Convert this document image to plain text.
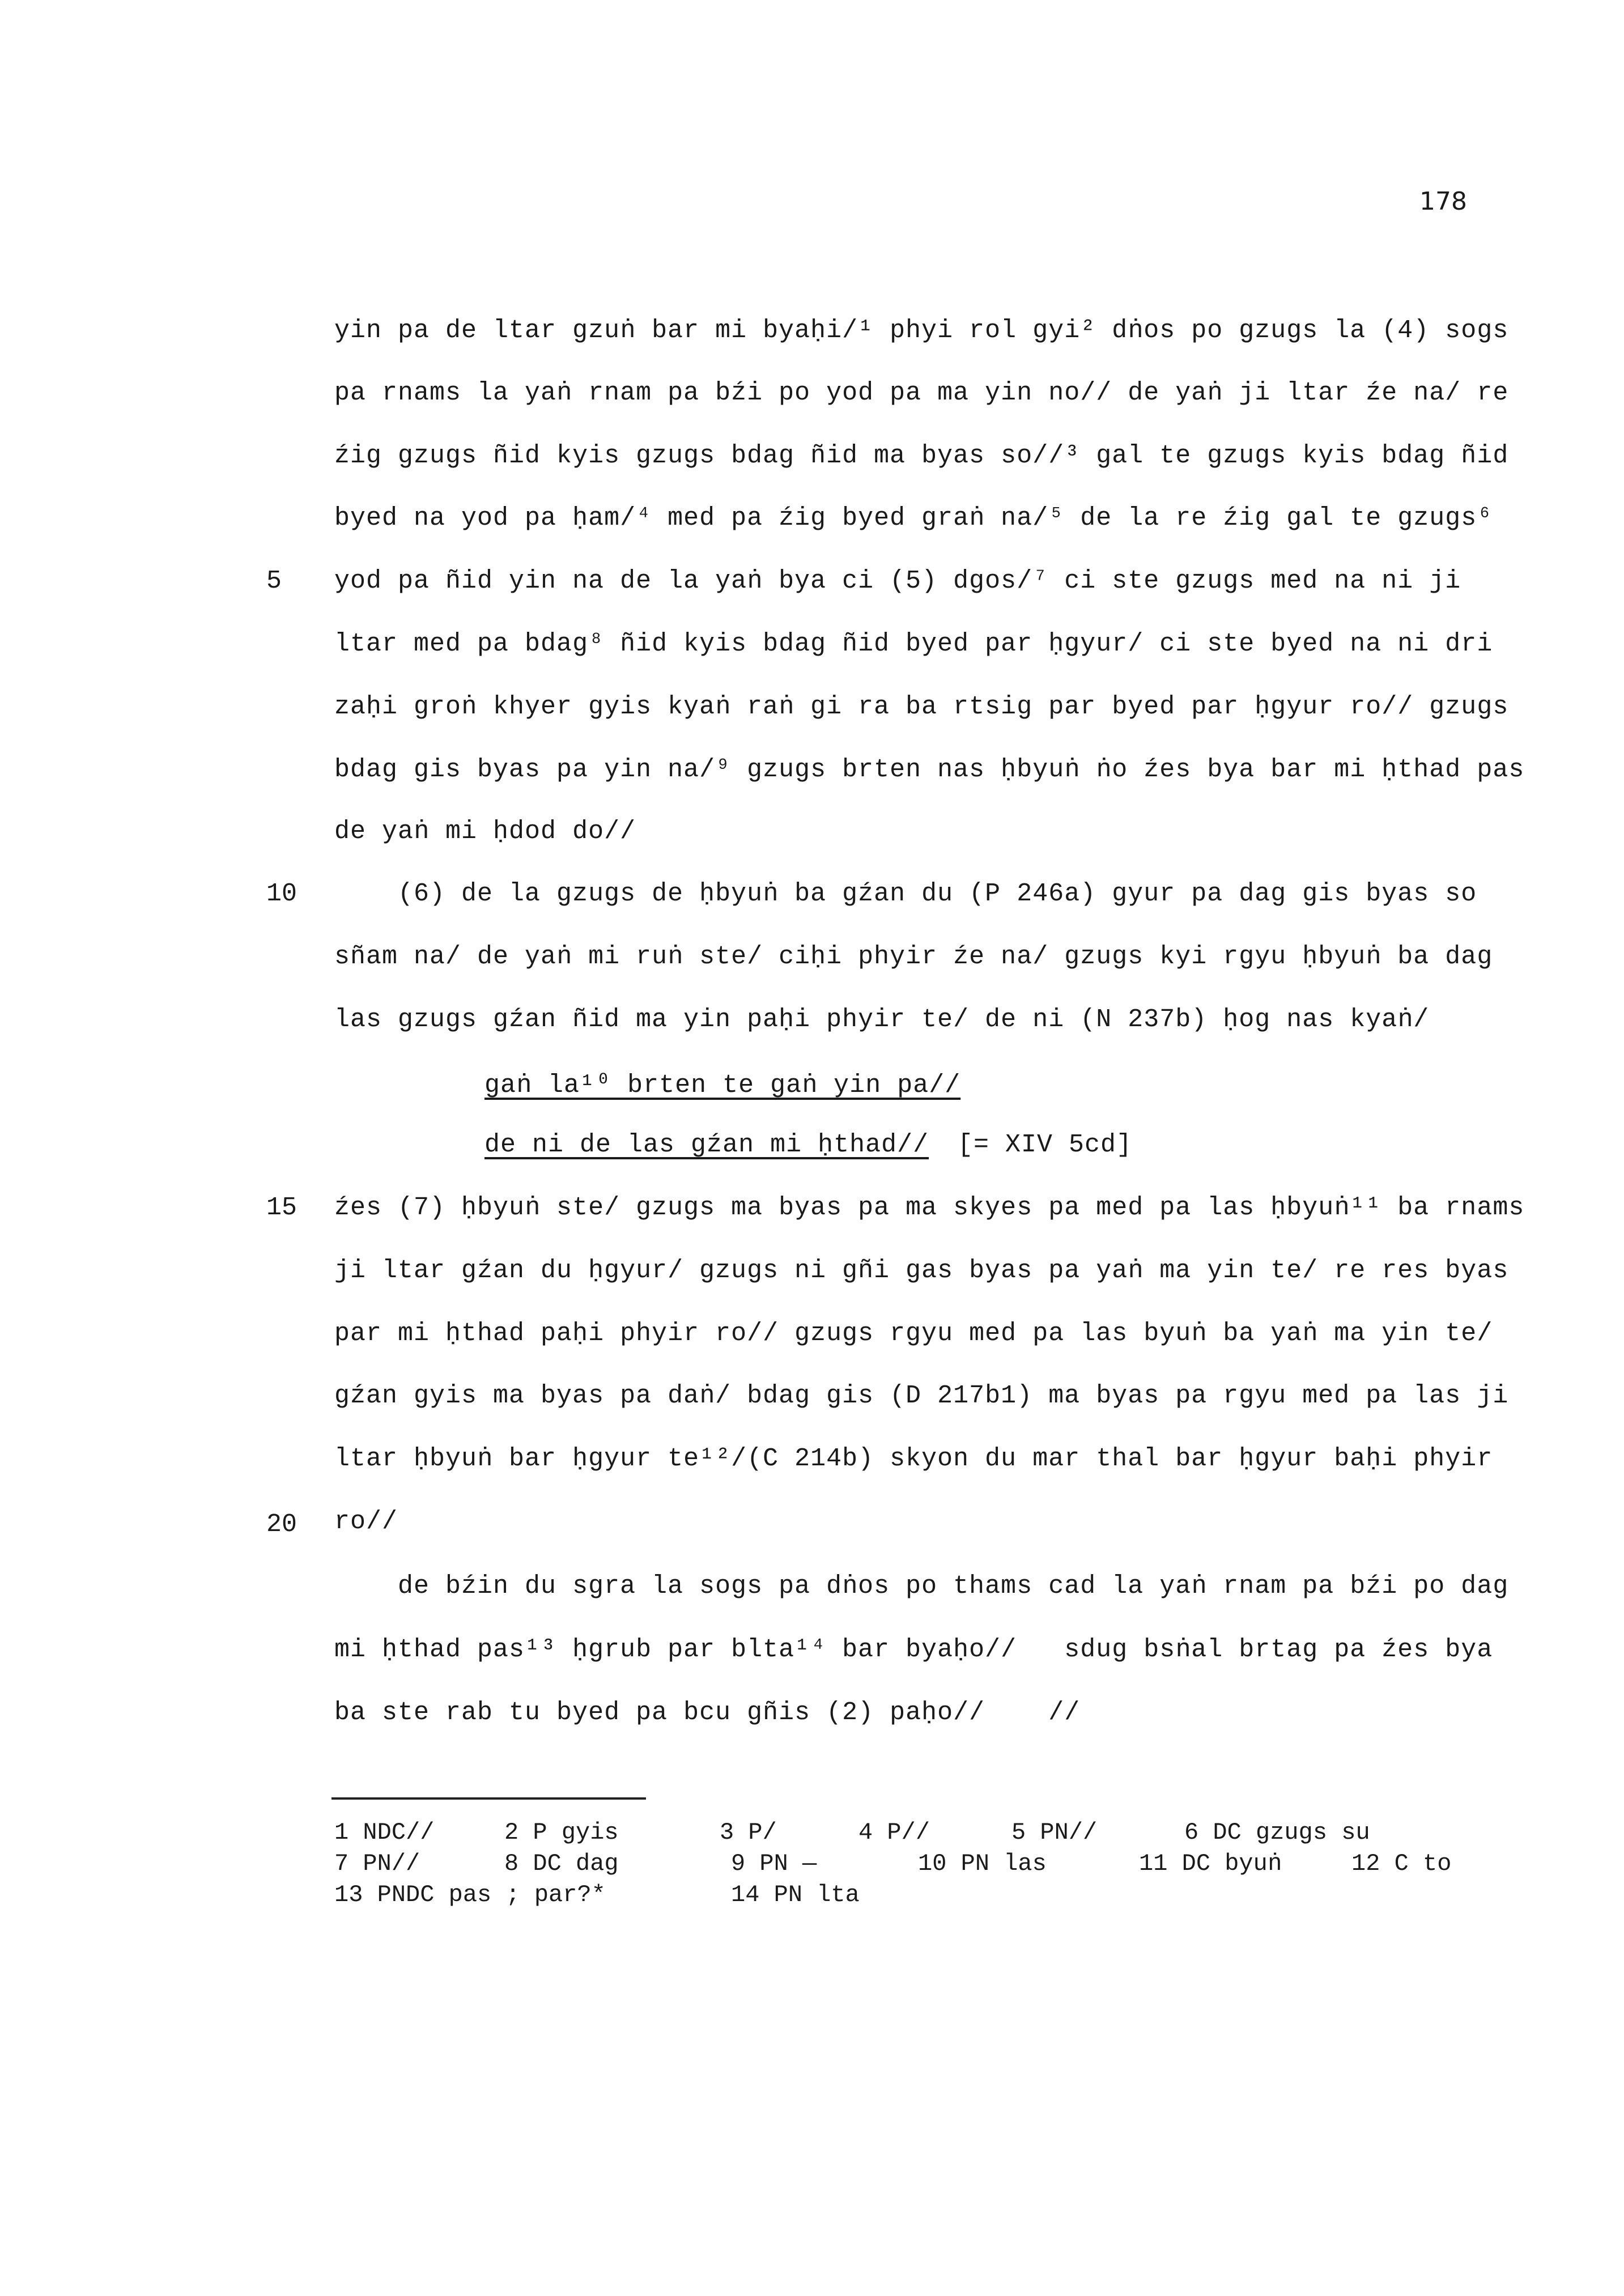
178
5
10
15
20
yin pa de ltar gzuṅ bar mi byaḥi/¹ phyi rol gyi² dṅos po gzugs la (4) sogs
pa rnams la yaṅ rnam pa bźi po yod pa ma yin no// de yaṅ ji ltar źe na/ re
źig gzugs ñid kyis gzugs bdag ñid ma byas so//³ gal te gzugs kyis bdag ñid
byed na yod pa ḥam/⁴ med pa źig byed graṅ na/⁵ de la re źig gal te gzugs⁶
yod pa ñid yin na de la yaṅ bya ci (5) dgos/⁷ ci ste gzugs med na ni ji
ltar med pa bdag⁸ ñid kyis bdag ñid byed par ḥgyur/ ci ste byed na ni dri
zaḥi groṅ khyer gyis kyaṅ raṅ gi ra ba rtsig par byed par ḥgyur ro// gzugs
bdag gis byas pa yin na/⁹ gzugs brten nas ḥbyuṅ ṅo źes bya bar mi ḥthad pas
de yaṅ mi ḥdod do//
(6) de la gzugs de ḥbyuṅ ba gźan du (P 246a) gyur pa dag gis byas so
sñam na/ de yaṅ mi ruṅ ste/ ciḥi phyir źe na/ gzugs kyi rgyu ḥbyuṅ ba dag
las gzugs gźan ñid ma yin paḥi phyir te/ de ni (N 237b) ḥog nas kyaṅ/
gaṅ la¹⁰ brten te gaṅ yin pa//
de ni de las gźan mi ḥthad// [= XIV 5cd]
źes (7) ḥbyuṅ ste/ gzugs ma byas pa ma skyes pa med pa las ḥbyuṅ¹¹ ba rnams
ji ltar gźan du ḥgyur/ gzugs ni gñi gas byas pa yaṅ ma yin te/ re res byas
par mi ḥthad paḥi phyir ro// gzugs rgyu med pa las byuṅ ba yaṅ ma yin te/
gźan gyis ma byas pa daṅ/ bdag gis (D 217b1) ma byas pa rgyu med pa las ji
ltar ḥbyuṅ bar ḥgyur te¹²/(C 214b) skyon du mar thal bar ḥgyur baḥi phyir
ro//
de bźin du sgra la sogs pa dṅos po thams cad la yaṅ rnam pa bźi po dag
mi ḥthad pas¹³ ḥgrub par blta¹⁴ bar byaḥo//   sdug bsṅal brtag pa źes bya
ba ste rab tu byed pa bcu gñis (2) paḥo//    //
1 NDC//	2 P gyis	3 P/	4 P//	5 PN//	6 DC gzugs su
7 PN//	8 DC dag	9 PN —	10 PN las	11 DC byuṅ	12 C to
13 PNDC pas ; par?*	14 PN lta
